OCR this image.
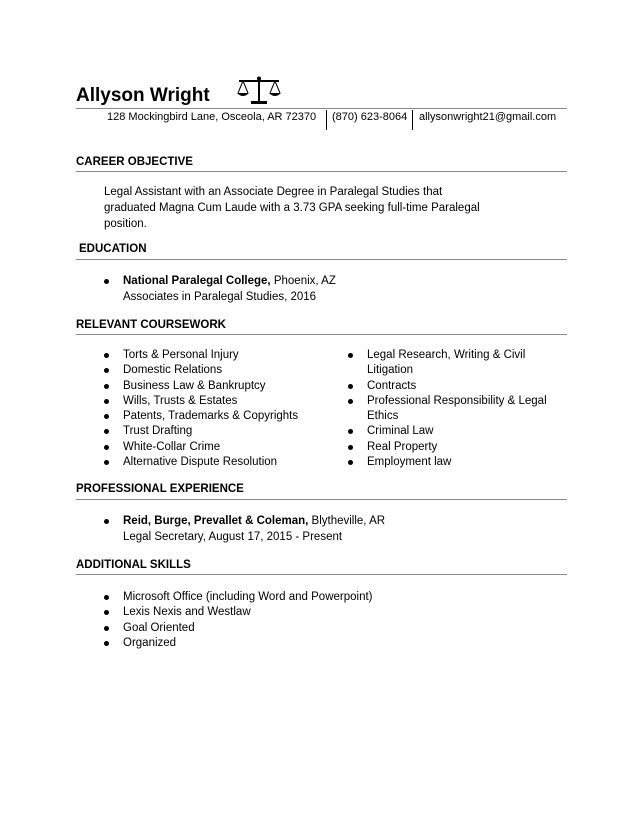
Allyson Wright
128 Mockingbird Lane, Osceola, AR 72370 (870) 623-8064 allysonwright21@gmail.com
CAREER OBJECTIVE
Legal Assistant with an Associate Degree in Paralegal Studies that
graduated Magna Cum Laude with a 3.73 GPA seeking full-time Paralegal
position.
EDUCATION
National Paralegal College, Phoenix, AZ
Associates in Paralegal Studies, 2016
RELEVANT COURSEWORK
Torts & Personal Injury
Domestic Relations
Business Law & Bankruptcy
Wills, Trusts & Estates
Patents, Trademarks & Copyrights
Trust Drafting
White-Collar Crime
Alternative Dispute Resolution
Legal Research, Writing & Civil
Litigation
Contracts
Professional Responsibility & Legal
Ethics
Criminal Law
Real Property
Employment law
PROFESSIONAL EXPERIENCE
Reid, Burge, Prevallet & Coleman, Blytheville, AR
Legal Secretary, August 17, 2015 - Present
ADDITIONAL SKILLS
Microsoft Office (including Word and Powerpoint)
Lexis Nexis and Westlaw
Goal Oriented
Organized
